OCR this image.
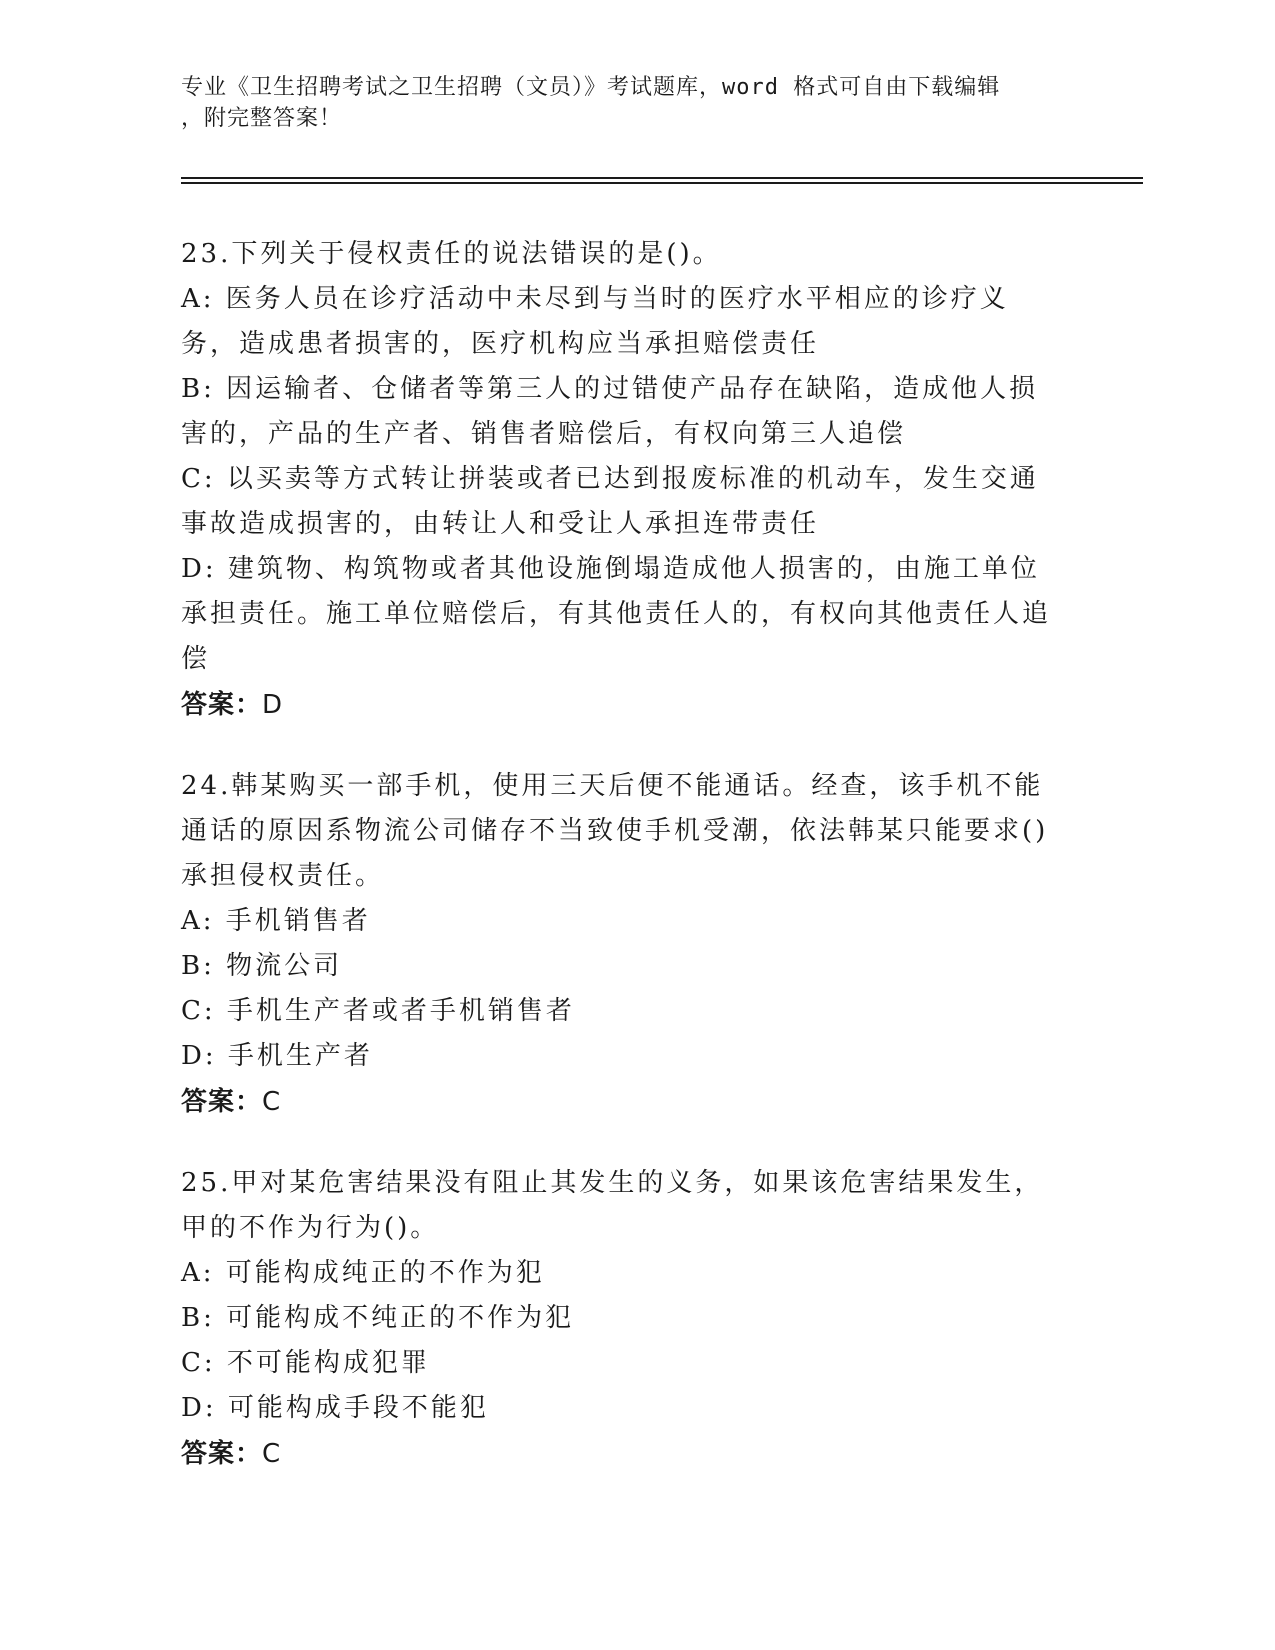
专业《卫生招聘考试之卫生招聘（文员）》考试题库，word 格式可自由下载编辑
，附完整答案！

23.下列关于侵权责任的说法错误的是()。

A: 医务人员在诊疗活动中未尽到与当时的医疗水平相应的诊疗义务，造成患者损害的，医疗机构应当承担赔偿责任

B: 因运输者、仓储者等第三人的过错使产品存在缺陷，造成他人损害的，产品的生产者、销售者赔偿后，有权向第三人追偿

C: 以买卖等方式转让拼装或者已达到报废标准的机动车，发生交通事故造成损害的，由转让人和受让人承担连带责任

D: 建筑物、构筑物或者其他设施倒塌造成他人损害的，由施工单位承担责任。施工单位赔偿后，有其他责任人的，有权向其他责任人追偿

答案：D

24.韩某购买一部手机，使用三天后便不能通话。经查，该手机不能通话的原因系物流公司储存不当致使手机受潮，依法韩某只能要求()承担侵权责任。

A: 手机销售者

B: 物流公司

C: 手机生产者或者手机销售者

D: 手机生产者

答案：C

25.甲对某危害结果没有阻止其发生的义务，如果该危害结果发生，甲的不作为行为()。

A: 可能构成纯正的不作为犯

B: 可能构成不纯正的不作为犯

C: 不可能构成犯罪

D: 可能构成手段不能犯

答案：C
